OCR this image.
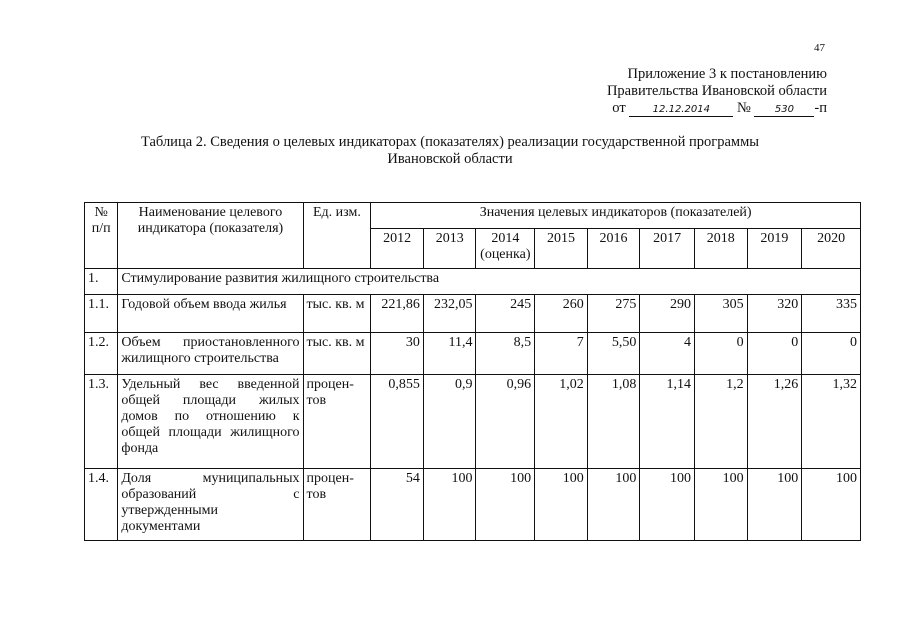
47
Приложение 3 к постановлению
Правительства Ивановской области
от	12.12.2014 № 530 -п
Таблица 2. Сведения о целевых индикаторах (показателях) реализации государственной программы
Ивановской области
№ п/п	Наименование целевого индикатора (показателя)	Ед. изм.	Значения целевых индикаторов (показателей)								
			2012	2013	2014 (оценка)	2015	2016	2017	2018	2019	2020
1.	Стимулирование развития жилищного строительства										
1.1.	Годовой объем ввода жилья	тыс. кв. м	221,86	232,05	245	260	275	290	305	320	335
1.2.	Объем приостановленного жилищного строительства	тыс. кв. м	30	11,4	8,5	7	5,50	4	0	0	0
1.3.	Удельный вес введенной общей площади жилых домов по отношению к общей площади жилищного фонда	процен-тов	0,855	0,9	0,96	1,02	1,08	1,14	1,2	1,26	1,32
1.4.	Доля муниципальных образований с утвержденными документами	процен-тов	54	100	100	100	100	100	100	100	100
